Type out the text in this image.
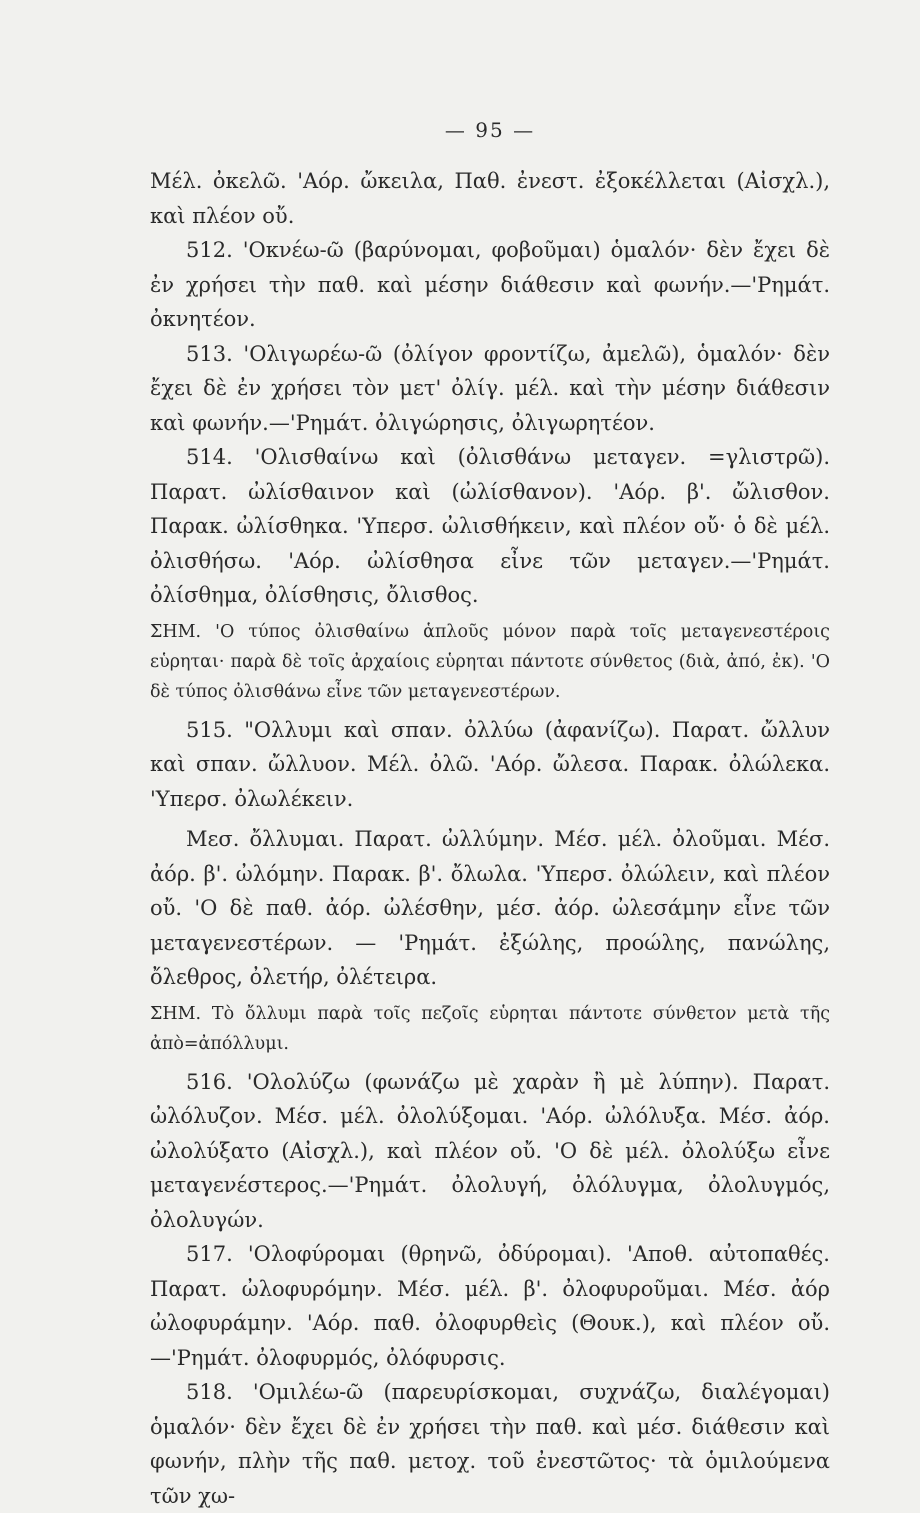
— 95 —

Μέλ. ὀκελῶ. 'Αόρ. ὤκειλα, Παθ. ἐνεστ. ἐξοκέλλεται (Αἰσχλ.), καὶ πλέον οὔ.

512. 'Οκνέω-ῶ (βαρύνομαι, φοβοῦμαι) ὁμαλόν· δὲν ἔχει δὲ ἐν χρήσει τὴν παθ. καὶ μέσην διάθεσιν καὶ φωνήν.—'Ρημάτ. ὀκνητέον.

513. 'Ολιγωρέω-ῶ (ὀλίγον φροντίζω, ἀμελῶ), ὁμαλόν· δὲν ἔχει δὲ ἐν χρήσει τὸν μετ' ὀλίγ. μέλ. καὶ τὴν μέσην διάθεσιν καὶ φωνήν.—'Ρημάτ. ὀλιγώρησις, ὀλιγωρητέον.

514. 'Ολισθαίνω καὶ (ὀλισθάνω μεταγεν. =γλιστρῶ). Παρατ. ὠλίσθαινον καὶ (ὠλίσθανον). 'Αόρ. β'. ὤλισθον. Παρακ. ὠλίσθηκα. 'Υπερσ. ὠλισθήκειν, καὶ πλέον οὔ· ὁ δὲ μέλ. ὀλισθήσω. 'Αόρ. ὠλίσθησα εἶνε τῶν μεταγεν.—'Ρημάτ. ὀλίσθημα, ὀλίσθησις, ὄλισθος.

ΣΗΜ. 'Ο τύπος ὀλισθαίνω ἁπλοῦς μόνον παρὰ τοῖς μεταγενεστέροις εὑρηται· παρὰ δὲ τοῖς ἀρχαίοις εὑρηται πάντοτε σύνθετος (διὰ, ἀπό, ἐκ). 'Ο δὲ τύπος ὀλισθάνω εἶνε τῶν μεταγενεστέρων.

515. "Ολλυμι καὶ σπαν. ὀλλύω (ἀφανίζω). Παρατ. ὤλλυν καὶ σπαν. ὤλλυον. Μέλ. ὀλῶ. 'Αόρ. ὤλεσα. Παρακ. ὀλώλεκα. 'Υπερσ. ὀλωλέκειν.

Μεσ. ὄλλυμαι. Παρατ. ὠλλύμην. Μέσ. μέλ. ὀλοῦμαι. Μέσ. ἀόρ. β'. ὠλόμην. Παρακ. β'. ὄλωλα. 'Υπερσ. ὀλώλειν, καὶ πλέον οὔ. 'Ο δὲ παθ. ἀόρ. ὠλέσθην, μέσ. ἀόρ. ὠλεσάμην εἶνε τῶν μεταγενεστέρων. — 'Ρημάτ. ἐξώλης, προώλης, πανώλης, ὄλεθρος, ὀλετήρ, ὀλέτειρα.

ΣΗΜ. Τὸ ὄλλυμι παρὰ τοῖς πεζοῖς εὑρηται πάντοτε σύνθετον μετὰ τῆς ἀπὸ=ἀπόλλυμι.

516. 'Ολολύζω (φωνάζω μὲ χαρὰν ἢ μὲ λύπην). Παρατ. ὠλόλυζον. Μέσ. μέλ. ὀλολύξομαι. 'Αόρ. ὠλόλυξα. Μέσ. ἀόρ. ὠλολύξατο (Αἰσχλ.), καὶ πλέον οὔ. 'Ο δὲ μέλ. ὀλολύξω εἶνε μεταγενέστερος.—'Ρημάτ. ὀλολυγή, ὀλόλυγμα, ὀλολυγμός, ὀλολυγών.

517. 'Ολοφύρομαι (θρηνῶ, ὀδύρομαι). 'Αποθ. αὐτοπαθές. Παρατ. ὠλοφυρόμην. Μέσ. μέλ. β'. ὀλοφυροῦμαι. Μέσ. ἀόρ ὠλοφυράμην. 'Αόρ. παθ. ὀλοφυρθεὶς (Θουκ.), καὶ πλέον οὔ.—'Ρημάτ. ὀλοφυρμός, ὀλόφυρσις.

518. 'Ομιλέω-ῶ (παρευρίσκομαι, συχνάζω, διαλέγομαι) ὁμαλόν· δὲν ἔχει δὲ ἐν χρήσει τὴν παθ. καὶ μέσ. διάθεσιν καὶ φωνήν, πλὴν τῆς παθ. μετοχ. τοῦ ἐνεστῶτος· τὰ ὁμιλούμενα τῶν χω-
